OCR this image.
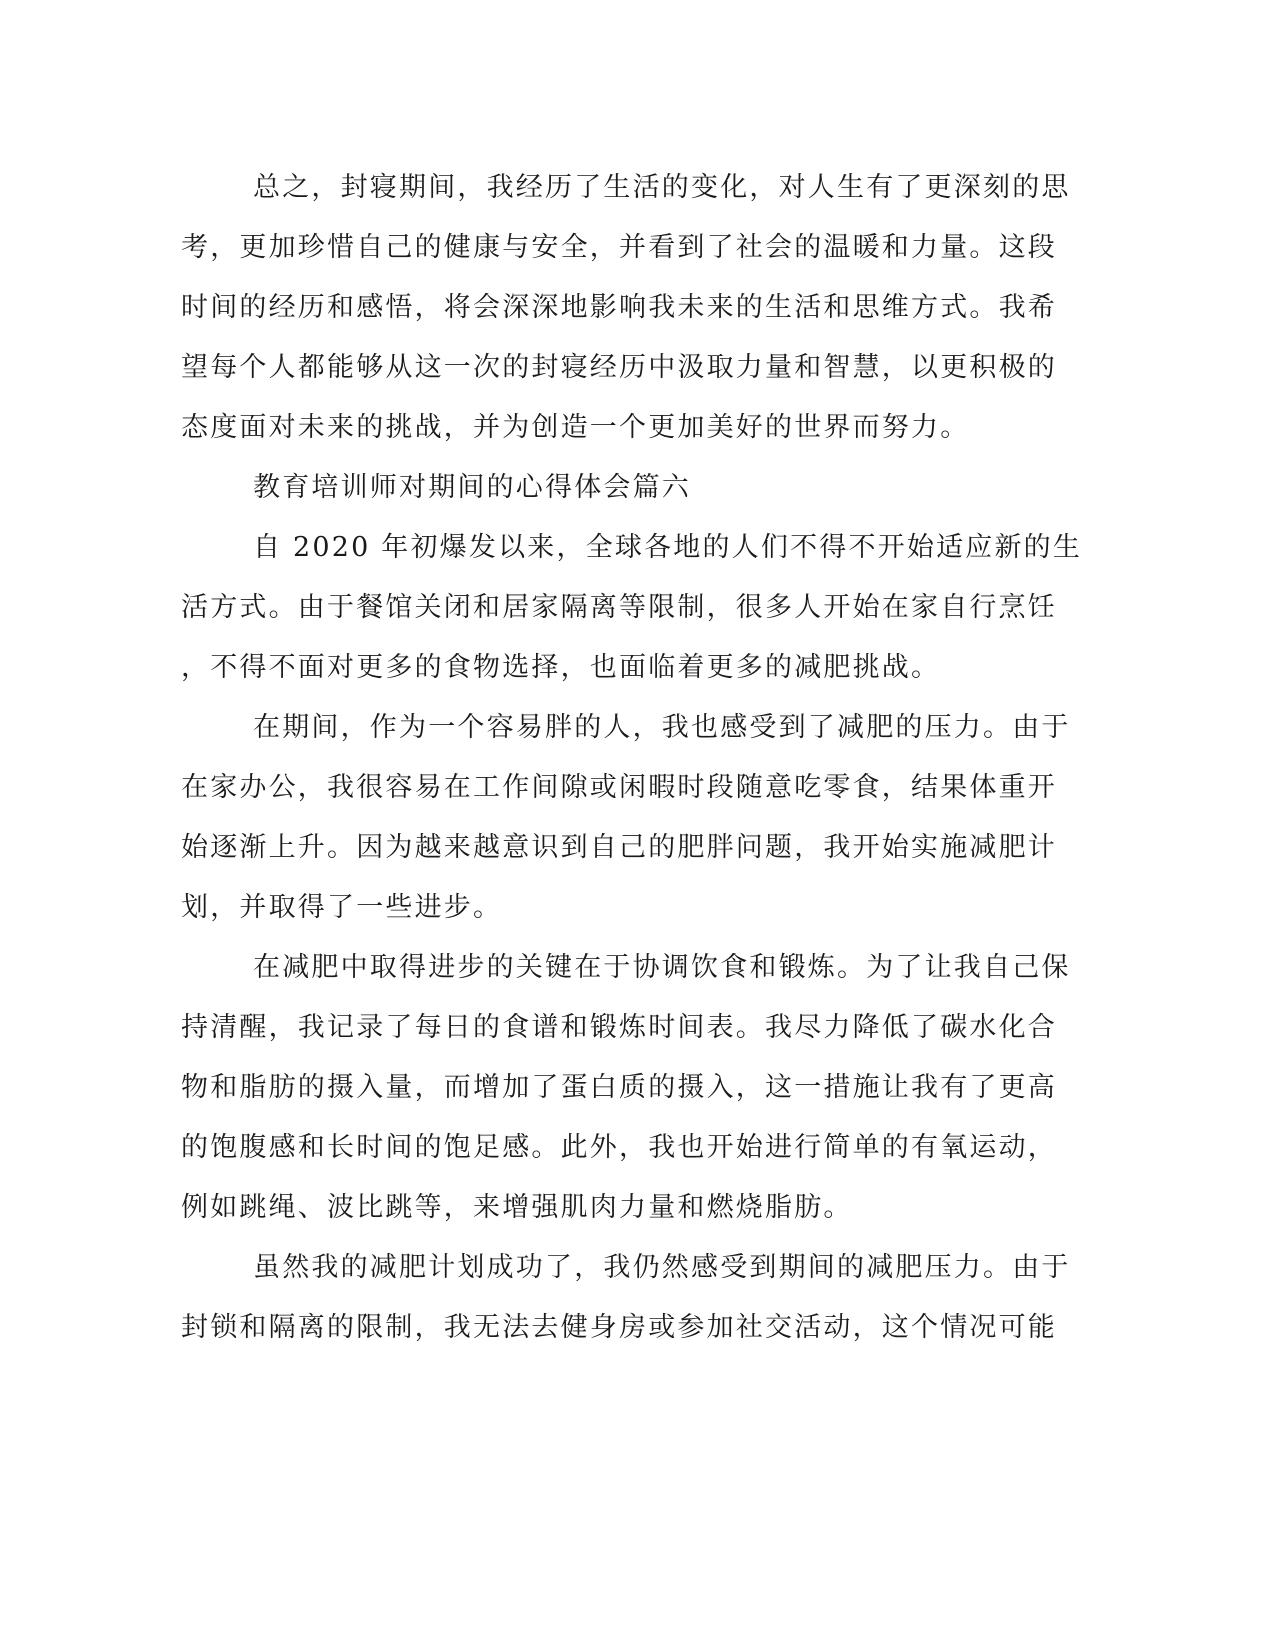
总之，封寝期间，我经历了生活的变化，对人生有了更深刻的思
考，更加珍惜自己的健康与安全，并看到了社会的温暖和力量。这段
时间的经历和感悟，将会深深地影响我未来的生活和思维方式。我希
望每个人都能够从这一次的封寝经历中汲取力量和智慧，以更积极的
态度面对未来的挑战，并为创造一个更加美好的世界而努力。
教育培训师对期间的心得体会篇六
自 2020 年初爆发以来，全球各地的人们不得不开始适应新的生
活方式。由于餐馆关闭和居家隔离等限制，很多人开始在家自行烹饪
，不得不面对更多的食物选择，也面临着更多的减肥挑战。
在期间，作为一个容易胖的人，我也感受到了减肥的压力。由于
在家办公，我很容易在工作间隙或闲暇时段随意吃零食，结果体重开
始逐渐上升。因为越来越意识到自己的肥胖问题，我开始实施减肥计
划，并取得了一些进步。
在减肥中取得进步的关键在于协调饮食和锻炼。为了让我自己保
持清醒，我记录了每日的食谱和锻炼时间表。我尽力降低了碳水化合
物和脂肪的摄入量，而增加了蛋白质的摄入，这一措施让我有了更高
的饱腹感和长时间的饱足感。此外，我也开始进行简单的有氧运动，
例如跳绳、波比跳等，来增强肌肉力量和燃烧脂肪。
虽然我的减肥计划成功了，我仍然感受到期间的减肥压力。由于
封锁和隔离的限制，我无法去健身房或参加社交活动，这个情况可能
